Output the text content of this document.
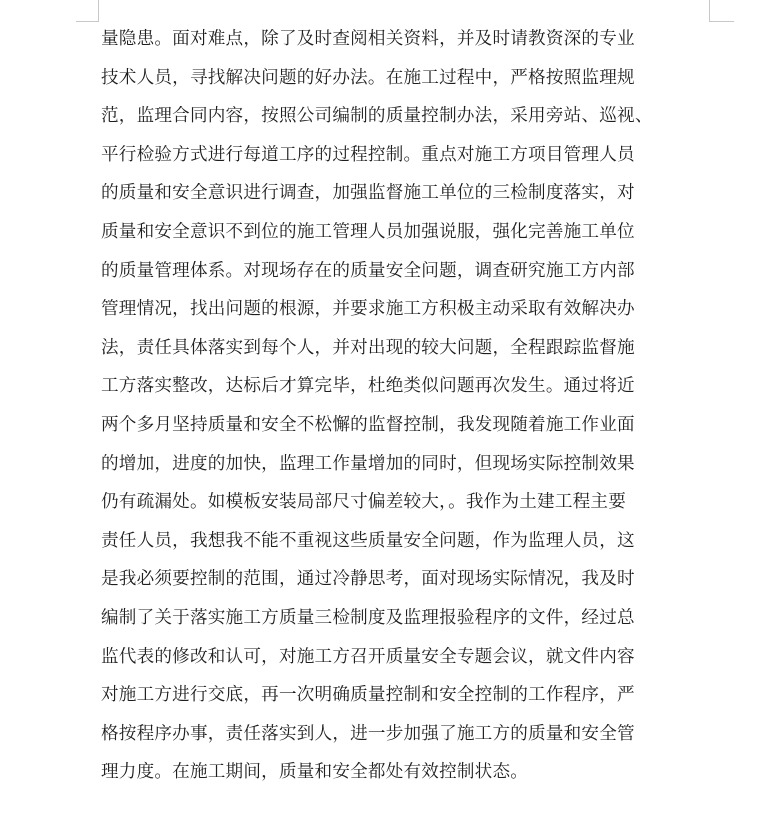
量隐患。面对难点，除了及时查阅相关资料，并及时请教资深的专业
技术人员，寻找解决问题的好办法。在施工过程中，严格按照监理规
范，监理合同内容，按照公司编制的质量控制办法，采用旁站、巡视、
平行检验方式进行每道工序的过程控制。重点对施工方项目管理人员
的质量和安全意识进行调查，加强监督施工单位的三检制度落实，对
质量和安全意识不到位的施工管理人员加强说服，强化完善施工单位
的质量管理体系。对现场存在的质量安全问题，调查研究施工方内部
管理情况，找出问题的根源，并要求施工方积极主动采取有效解决办
法，责任具体落实到每个人，并对出现的较大问题，全程跟踪监督施
工方落实整改，达标后才算完毕，杜绝类似问题再次发生。通过将近
两个多月坚持质量和安全不松懈的监督控制，我发现随着施工作业面
的增加，进度的加快，监理工作量增加的同时，但现场实际控制效果
仍有疏漏处。如模板安装局部尺寸偏差较大，。我作为土建工程主要
责任人员，我想我不能不重视这些质量安全问题，作为监理人员，这
是我必须要控制的范围，通过冷静思考，面对现场实际情况，我及时
编制了关于落实施工方质量三检制度及监理报验程序的文件，经过总
监代表的修改和认可，对施工方召开质量安全专题会议，就文件内容
对施工方进行交底，再一次明确质量控制和安全控制的工作程序，严
格按程序办事，责任落实到人，进一步加强了施工方的质量和安全管
理力度。在施工期间，质量和安全都处有效控制状态。
